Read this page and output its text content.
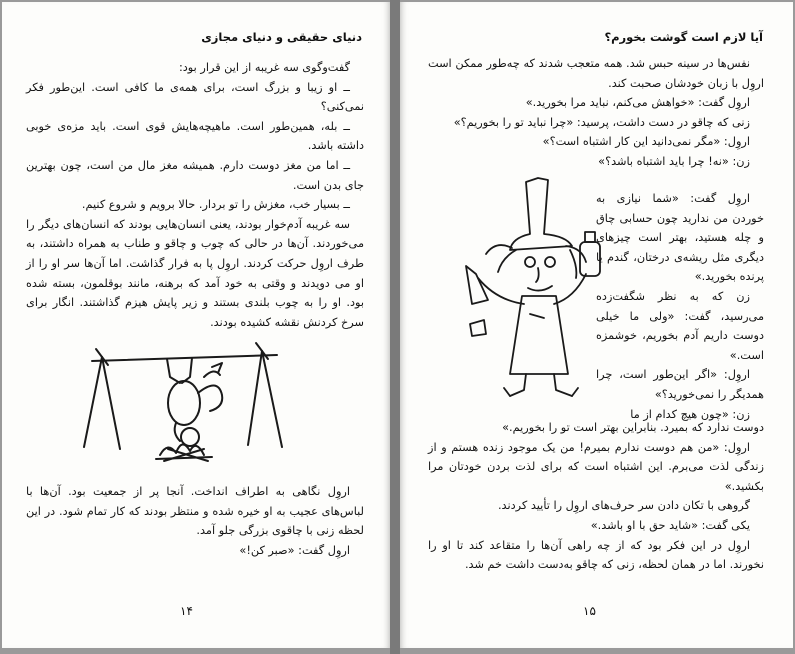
دنیای حقیقی و دنیای مجازی

گفت‌وگوی سه غریبه از این قرار بود:

ــ او زیبا و بزرگ است، برای همه‌ی ما کافی است. این‌طور فکر نمی‌کنی؟

ــ بله، همین‌طور است. ماهیچه‌هایش قوی است. باید مزه‌ی خوبی داشته باشد.

ــ اما من مغز دوست دارم. همیشه مغز مال من است، چون بهترین جای بدن است.

ــ بسیار خب، مغزش را تو بردار. حالا برویم و شروع کنیم.

سه غریبه آدم‌خوار بودند، یعنی انسان‌هایی بودند که انسان‌های دیگر را می‌خوردند. آن‌ها در حالی که چوب و چاقو و طناب به همراه داشتند، به طرف اروِل حرکت کردند. اروِل پا به فرار گذاشت. اما آن‌ها سر او را از او می دویدند و وقتی به خود آمد که برهنه، مانند بوقلمون، بسته شده بود. او را به چوب بلندی بستند و زیر پایش هیزم گذاشتند. انگار برای سرخ کردنش نقشه کشیده بودند.

اروِل نگاهی به اطراف انداخت. آنجا پر از جمعیت بود. آن‌ها با لباس‌های عجیب به او خیره شده و منتظر بودند که کار تمام شود. در این لحظه زنی با چاقوی بزرگی جلو آمد.

اروِل گفت: «صبر کن!»

۱۴
آیا لازم است گوشت بخورم؟

نفس‌ها در سینه حبس شد. همه متعجب شدند که چه‌طور ممکن است اروِل با زبان خودشان صحبت کند.

اروِل گفت: «خواهش می‌کنم، نباید مرا بخورید.»

زنی که چاقو در دست داشت، پرسید: «چرا نباید تو را بخوریم؟»

اروِل: «مگر نمی‌دانید این کار اشتباه است؟»

زن: «نه! چرا باید اشتباه باشد؟»

اروِل گفت: «شما نیازی به خوردن من ندارید چون حسابی چاق و چله هستید، بهتر است چیزهای دیگری مثل ریشه‌ی درختان، گندم یا پرنده بخورید.»

زن که به نظر شگفت‌زده می‌رسید، گفت: «ولی ما خیلی دوست داریم آدم بخوریم، خوشمزه است.»

اروِل: «اگر این‌طور است، چرا همدیگر را نمی‌خورید؟»

زن: «چون هیچ کدام از ما

دوست ندارد که بمیرد. بنابراین بهتر است تو را بخوریم.»

اروِل: «من هم دوست ندارم بمیرم! من یک موجود زنده هستم و از زندگی لذت می‌برم. این اشتباه است که برای لذت بردن خودتان مرا بکشید.»

گروهی با تکان دادن سر حرف‌های اروِل را تأیید کردند.

یکی گفت: «شاید حق با او باشد.»

اروِل در این فکر بود که از چه راهی آن‌ها را متقاعد کند تا او را نخورند. اما در همان لحظه، زنی که چاقو به‌دست داشت خم شد.

۱۵
